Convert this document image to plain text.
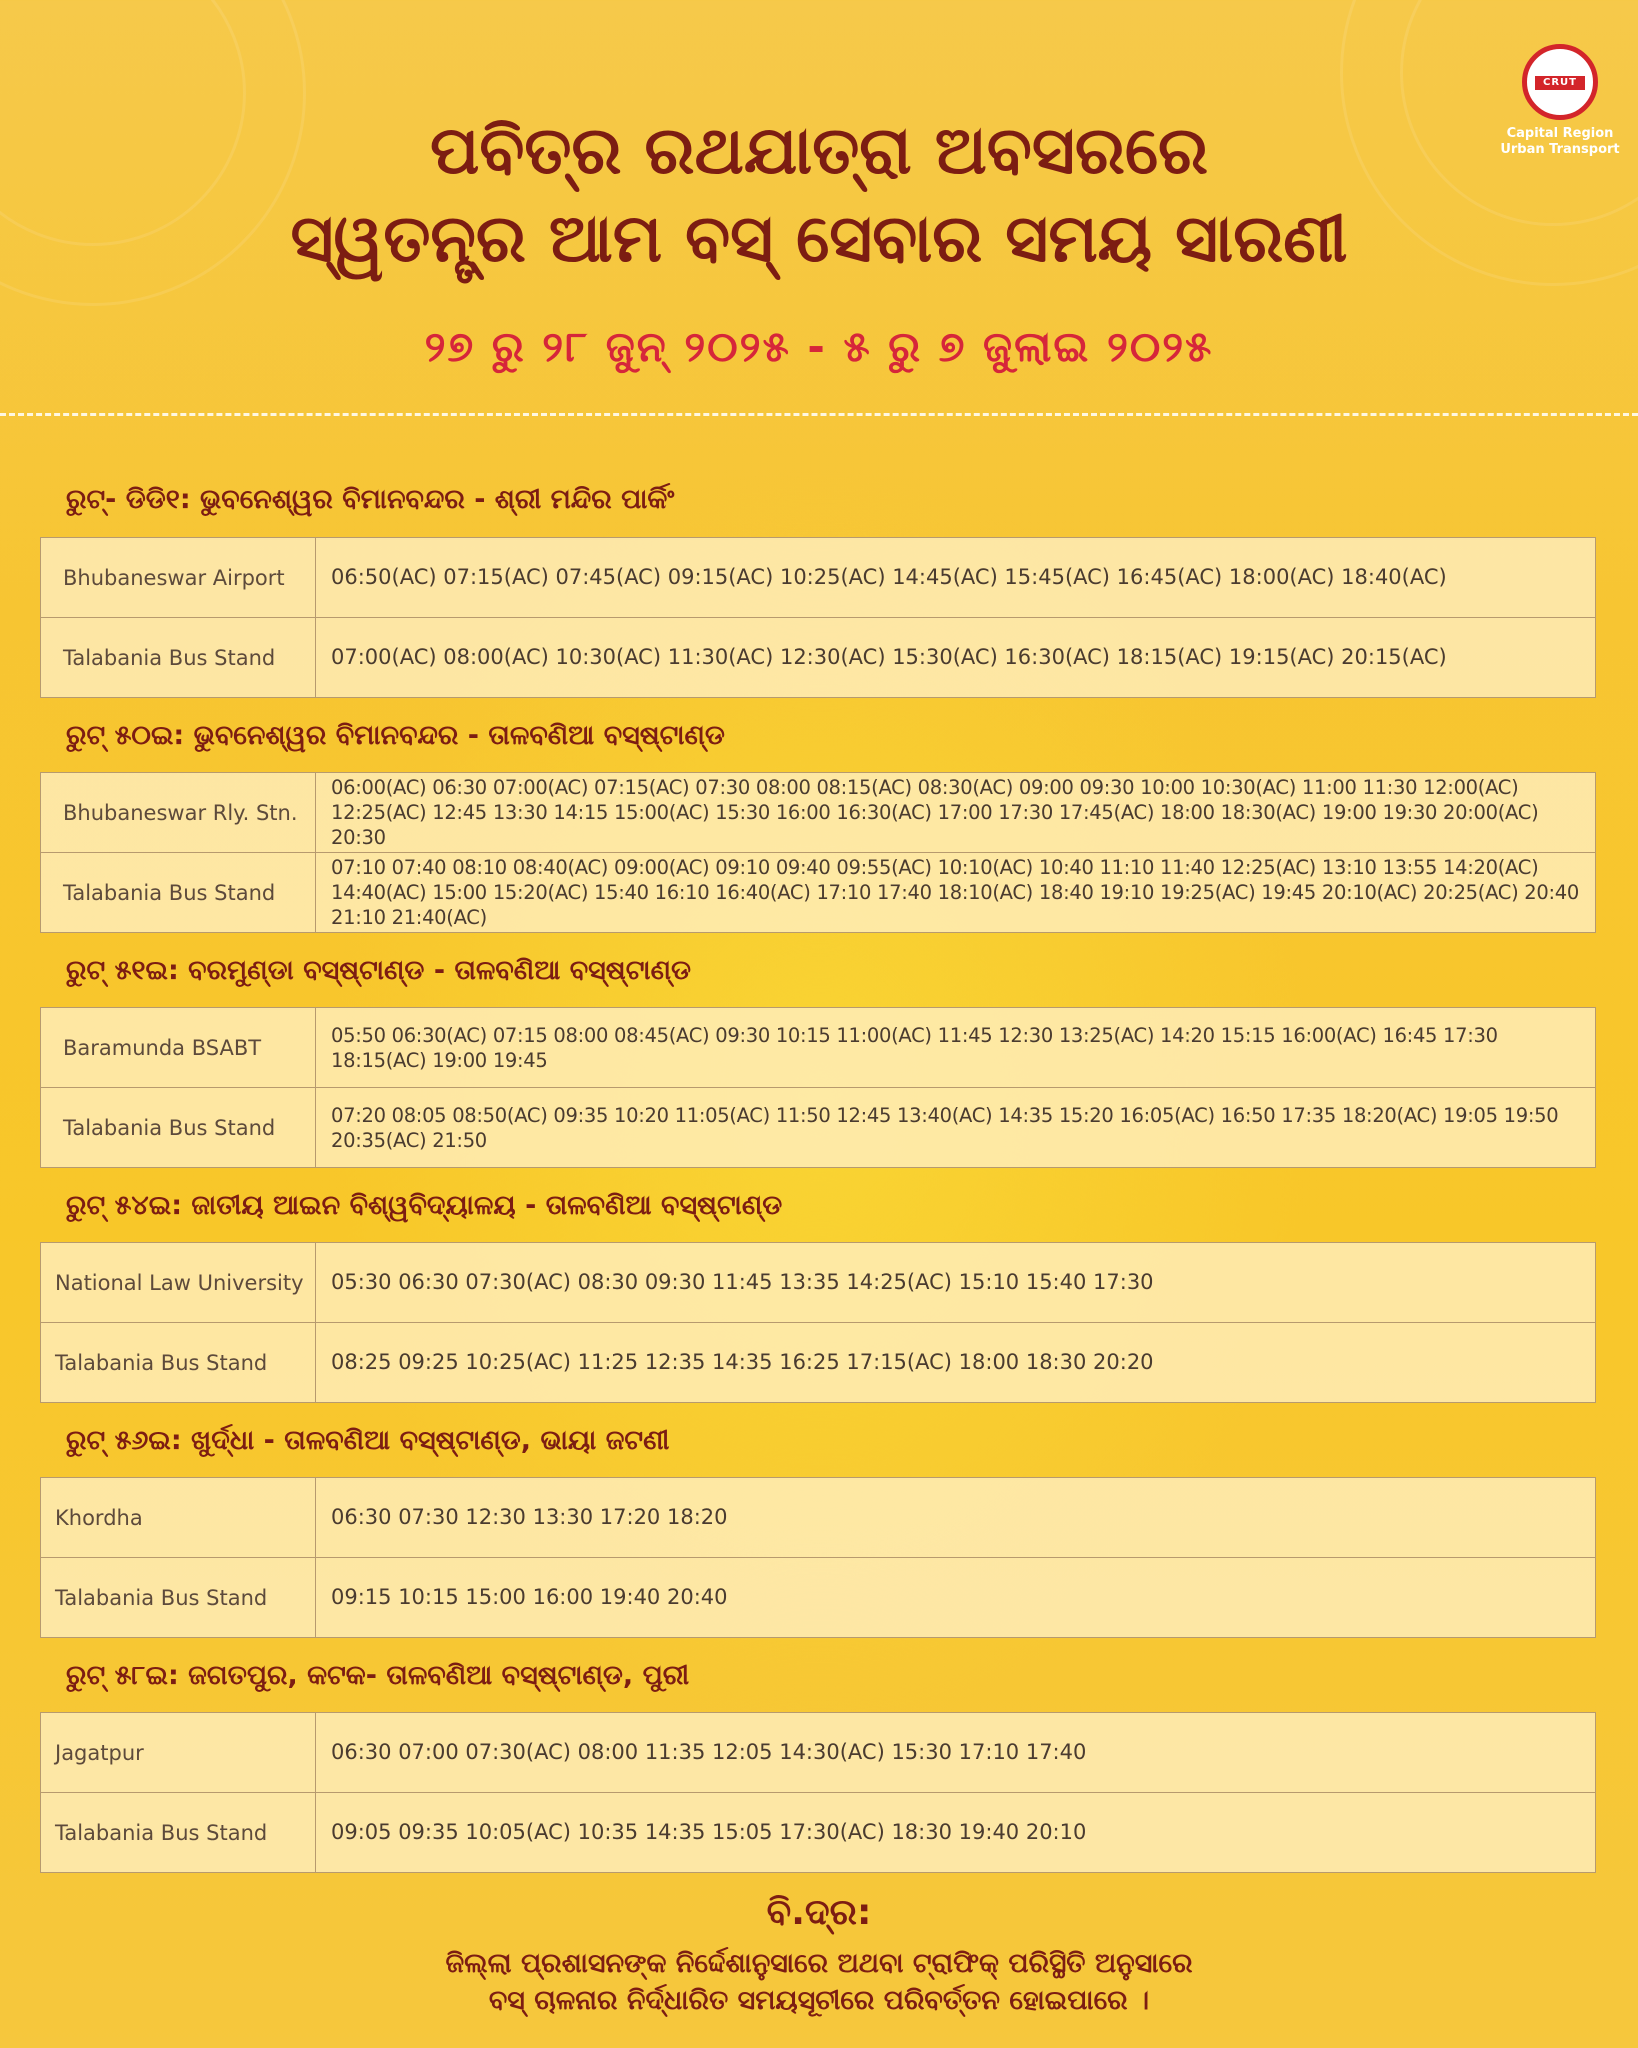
CRUT
Capital Region
Urban Transport
ପବିତ୍ର ରଥଯାତ୍ରା ଅବସରରେ
ସ୍ୱତନ୍ତ୍ର ଆମ ବସ୍ ସେବାର ସମୟ ସାରଣୀ
୨୭ ରୁ ୨୮ ଜୁନ୍ ୨୦୨୫ - ୫ ରୁ ୭ ଜୁଲାଇ ୨୦୨୫
ରୁଟ୍- ଡିଡି୧: ଭୁବନେଶ୍ୱର ବିମାନବନ୍ଦର - ଶ୍ରୀ ମନ୍ଦିର ପାର୍କିଂ
Bhubaneswar Airport	06:50(AC) 07:15(AC) 07:45(AC) 09:15(AC) 10:25(AC) 14:45(AC) 15:45(AC) 16:45(AC) 18:00(AC) 18:40(AC)
Talabania Bus Stand	07:00(AC) 08:00(AC) 10:30(AC) 11:30(AC) 12:30(AC) 15:30(AC) 16:30(AC) 18:15(AC) 19:15(AC) 20:15(AC)
ରୁଟ୍ ୫୦ଇ: ଭୁବନେଶ୍ୱର ବିମାନବନ୍ଦର - ତାଳବଣିଆ ବସ୍‌ଷ୍ଟାଣ୍ଡ
Bhubaneswar Rly. Stn.
06:00(AC) 06:30 07:00(AC) 07:15(AC) 07:30 08:00 08:15(AC) 08:30(AC) 09:00 09:30 10:00 10:30(AC) 11:00 11:30 12:00(AC) 12:25(AC) 12:45 13:30 14:15 15:00(AC) 15:30 16:00 16:30(AC) 17:00 17:30 17:45(AC) 18:00 18:30(AC) 19:00 19:30 20:00(AC) 20:30
Talabania Bus Stand
07:10 07:40 08:10 08:40(AC) 09:00(AC) 09:10 09:40 09:55(AC) 10:10(AC) 10:40 11:10 11:40 12:25(AC) 13:10 13:55 14:20(AC) 14:40(AC) 15:00 15:20(AC) 15:40 16:10 16:40(AC) 17:10 17:40 18:10(AC) 18:40 19:10 19:25(AC) 19:45 20:10(AC) 20:25(AC) 20:40 21:10 21:40(AC)
ରୁଟ୍ ୫୧ଇ: ବରମୁଣ୍ଡା ବସ୍‌ଷ୍ଟାଣ୍ଡ - ତାଳବଣିଆ ବସ୍‌ଷ୍ଟାଣ୍ଡ
Baramunda BSABT
05:50 06:30(AC) 07:15 08:00 08:45(AC) 09:30 10:15 11:00(AC) 11:45 12:30 13:25(AC) 14:20 15:15 16:00(AC) 16:45 17:30 18:15(AC) 19:00 19:45
Talabania Bus Stand
07:20 08:05 08:50(AC) 09:35 10:20 11:05(AC) 11:50 12:45 13:40(AC) 14:35 15:20 16:05(AC) 16:50 17:35 18:20(AC) 19:05 19:50 20:35(AC) 21:50
ରୁଟ୍ ୫୪ଇ: ଜାତୀୟ ଆଇନ ବିଶ୍ୱବିଦ୍ୟାଳୟ - ତାଳବଣିଆ ବସ୍‌ଷ୍ଟାଣ୍ଡ
National Law University	05:30 06:30 07:30(AC) 08:30 09:30 11:45 13:35 14:25(AC) 15:10 15:40 17:30
Talabania Bus Stand	08:25 09:25 10:25(AC) 11:25 12:35 14:35 16:25 17:15(AC) 18:00 18:30 20:20
ରୁଟ୍ ୫୬ଇ: ଖୁର୍ଦ୍ଧା - ତାଳବଣିଆ ବସ୍‌ଷ୍ଟାଣ୍ଡ, ଭାୟା ଜଟଣୀ
Khordha	06:30 07:30 12:30 13:30 17:20 18:20
Talabania Bus Stand	09:15 10:15 15:00 16:00 19:40 20:40
ରୁଟ୍ ୫୮ଇ: ଜଗତପୁର, କଟକ- ତାଳବଣିଆ ବସ୍‌ଷ୍ଟାଣ୍ଡ, ପୁରୀ
Jagatpur	06:30 07:00 07:30(AC) 08:00 11:35 12:05 14:30(AC) 15:30 17:10 17:40
Talabania Bus Stand	09:05 09:35 10:05(AC) 10:35 14:35 15:05 17:30(AC) 18:30 19:40 20:10
ବି.ଦ୍ର:
ଜିଲ୍ଲା ପ୍ରଶାସନଙ୍କ ନିର୍ଦ୍ଦେଶାନୁସାରେ ଅଥବା ଟ୍ରାଫିକ୍ ପରିସ୍ଥିତି ଅନୁସାରେ
ବସ୍ ଚାଳନାର ନିର୍ଦ୍ଧାରିତ ସମୟସୂଚୀରେ ପରିବର୍ତ୍ତନ ହୋଇପାରେ ।
